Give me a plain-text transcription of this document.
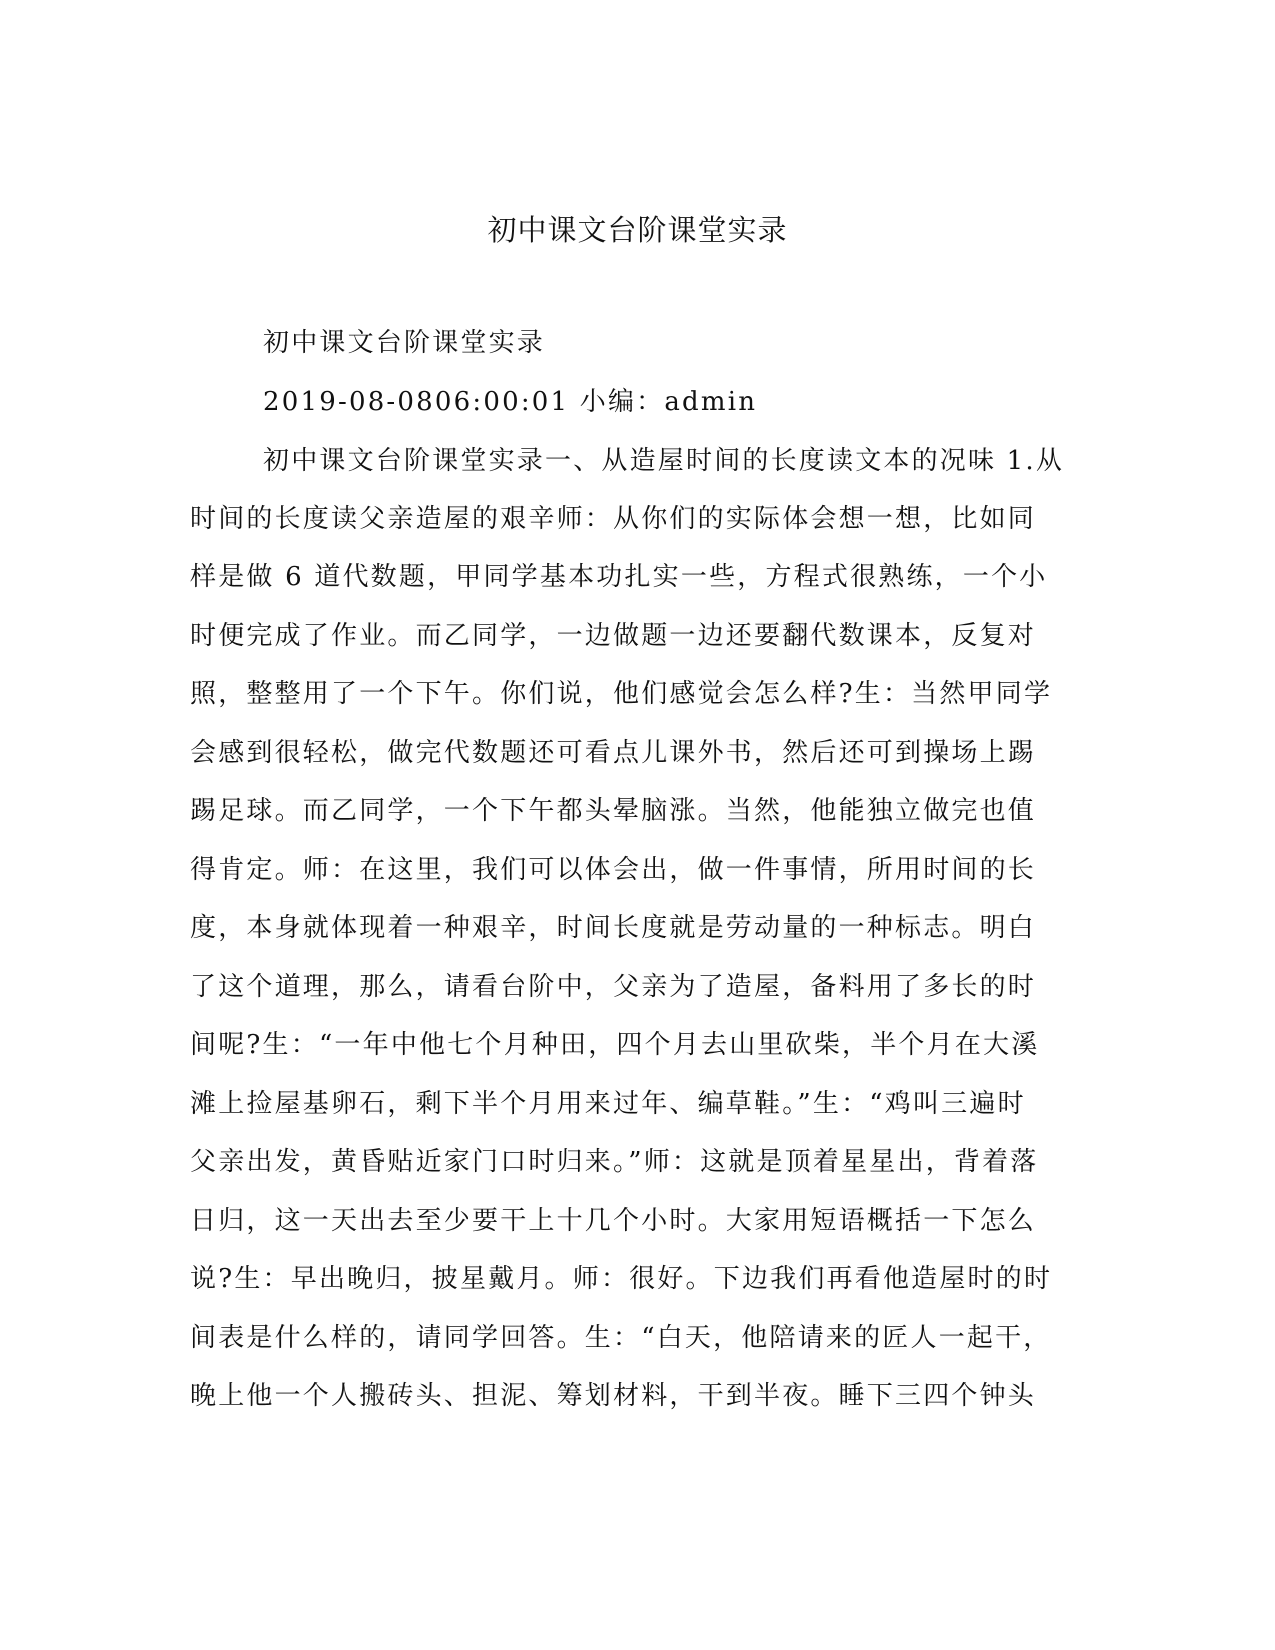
初中课文台阶课堂实录

初中课文台阶课堂实录

2019-08-0806:00:01 小编：admin

初中课文台阶课堂实录一、从造屋时间的长度读文本的况味 1.从

时间的长度读父亲造屋的艰辛师：从你们的实际体会想一想，比如同

样是做 6 道代数题，甲同学基本功扎实一些，方程式很熟练，一个小

时便完成了作业。而乙同学，一边做题一边还要翻代数课本，反复对

照，整整用了一个下午。你们说，他们感觉会怎么样?生：当然甲同学

会感到很轻松，做完代数题还可看点儿课外书，然后还可到操场上踢

踢足球。而乙同学，一个下午都头晕脑涨。当然，他能独立做完也值

得肯定。师：在这里，我们可以体会出，做一件事情，所用时间的长

度，本身就体现着一种艰辛，时间长度就是劳动量的一种标志。明白

了这个道理，那么，请看台阶中，父亲为了造屋，备料用了多长的时

间呢?生：“一年中他七个月种田，四个月去山里砍柴，半个月在大溪

滩上捡屋基卵石，剩下半个月用来过年、编草鞋。”生：“鸡叫三遍时

父亲出发，黄昏贴近家门口时归来。”师：这就是顶着星星出，背着落

日归，这一天出去至少要干上十几个小时。大家用短语概括一下怎么

说?生：早出晚归，披星戴月。师：很好。下边我们再看他造屋时的时

间表是什么样的，请同学回答。生：“白天，他陪请来的匠人一起干，

晚上他一个人搬砖头、担泥、筹划材料，干到半夜。睡下三四个钟头
